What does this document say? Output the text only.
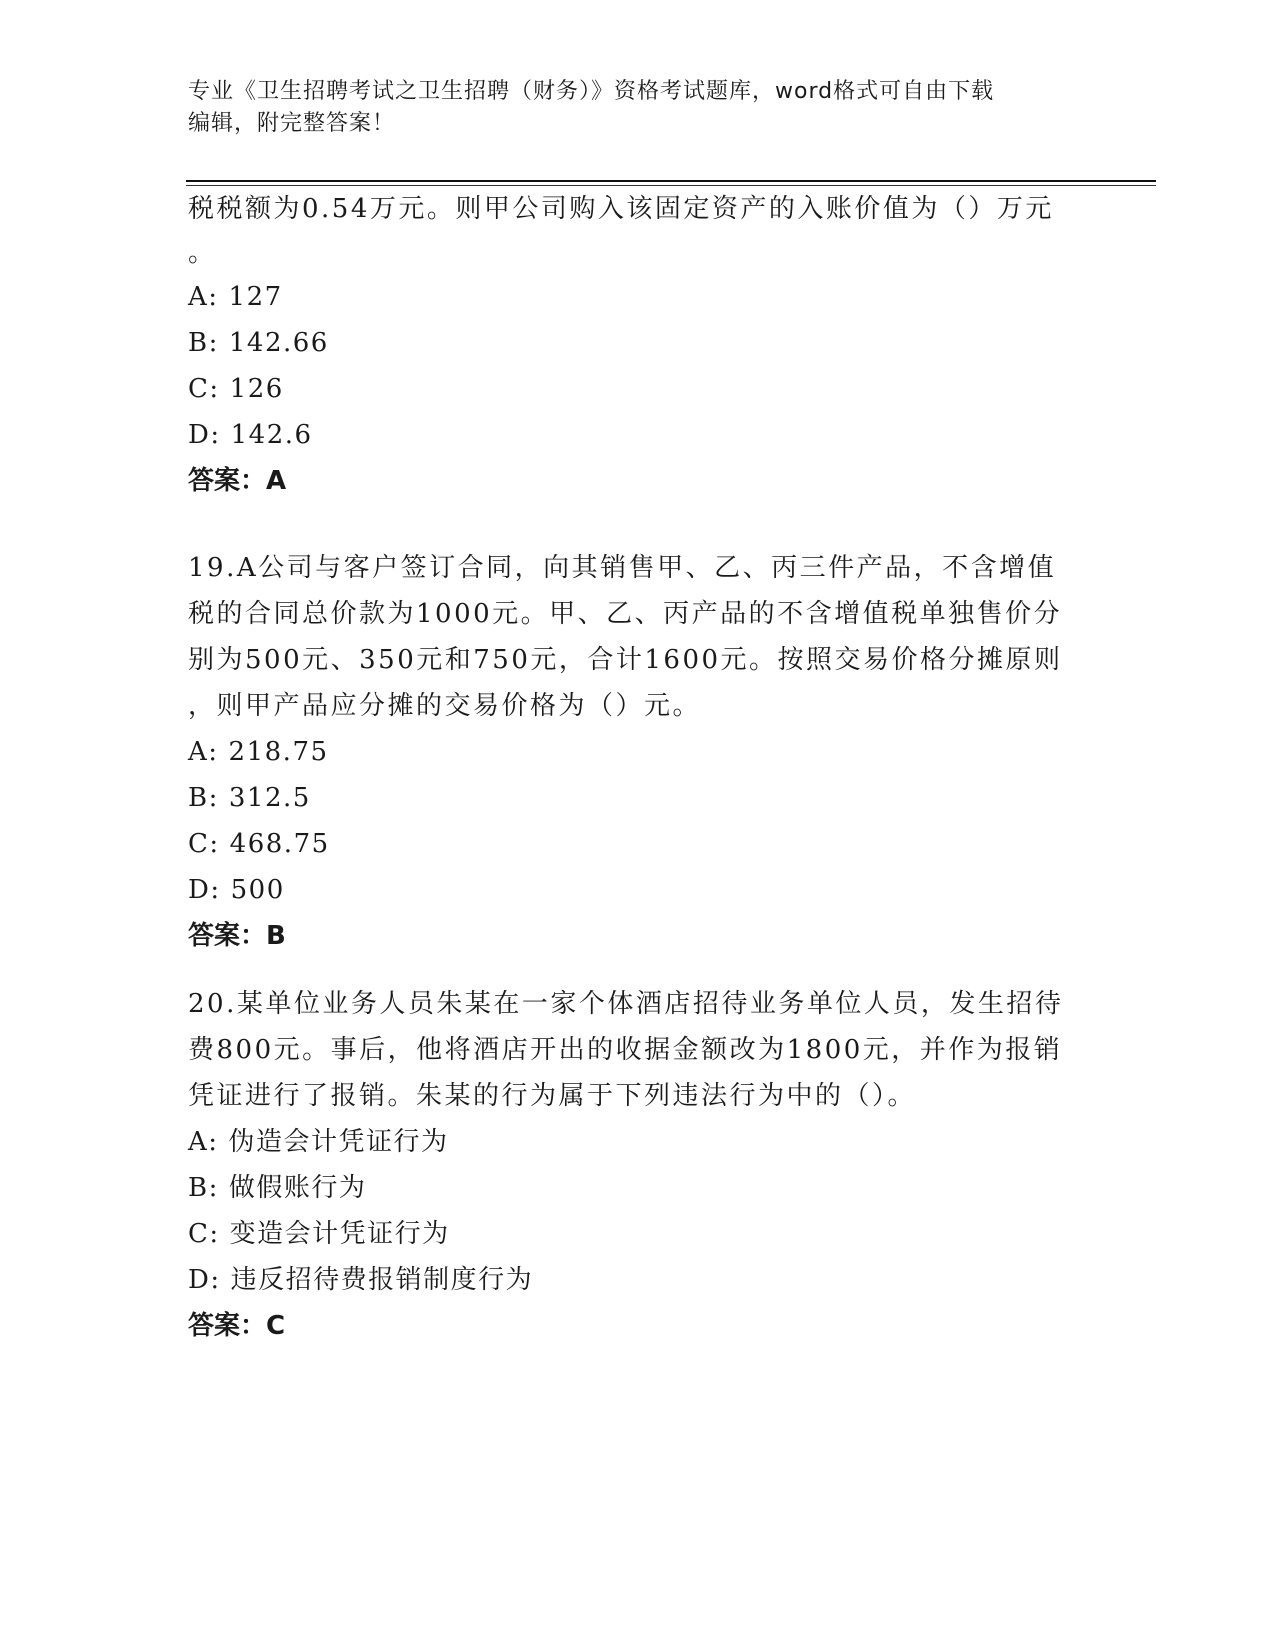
专业《卫生招聘考试之卫生招聘（财务）》资格考试题库，word格式可自由下载
编辑，附完整答案！

税税额为0.54万元。则甲公司购入该固定资产的入账价值为（）万元

。

A: 127

B: 142.66

C: 126

D: 142.6

答案：A

19.A公司与客户签订合同，向其销售甲、乙、丙三件产品，不含增值

税的合同总价款为1000元。甲、乙、丙产品的不含增值税单独售价分

别为500元、350元和750元，合计1600元。按照交易价格分摊原则

，则甲产品应分摊的交易价格为（）元。

A: 218.75

B: 312.5

C: 468.75

D: 500

答案：B

20.某单位业务人员朱某在一家个体酒店招待业务单位人员，发生招待

费800元。事后，他将酒店开出的收据金额改为1800元，并作为报销

凭证进行了报销。朱某的行为属于下列违法行为中的（）。

A: 伪造会计凭证行为

B: 做假账行为

C: 变造会计凭证行为

D: 违反招待费报销制度行为

答案：C
